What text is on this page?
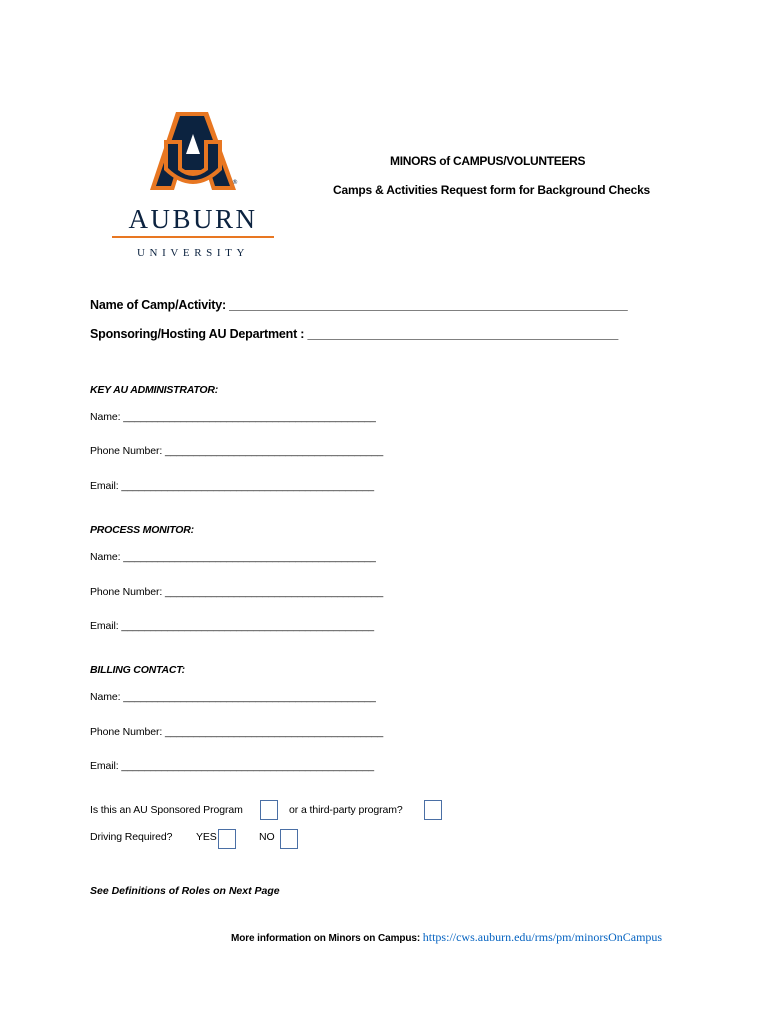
®
AUBURN
UNIVERSITY
MINORS of CAMPUS/VOLUNTEERS
Camps & Activities Request form for Background Checks
Name of Camp/Activity: ___________________________________________________________
Sponsoring/Hosting AU Department : ______________________________________________
KEY AU ADMINISTRATOR:
Name: ____________________________________________
Phone Number: ______________________________________
Email: ____________________________________________
PROCESS MONITOR:
Name: ____________________________________________
Phone Number: ______________________________________
Email: ____________________________________________
BILLING CONTACT:
Name: ____________________________________________
Phone Number: ______________________________________
Email: ____________________________________________
Is this an AU Sponsored Program	or a third-party program?
Driving Required? YES	NO
See Definitions of Roles on Next Page
More information on Minors on Campus: https://cws.auburn.edu/rms/pm/minorsOnCampus
